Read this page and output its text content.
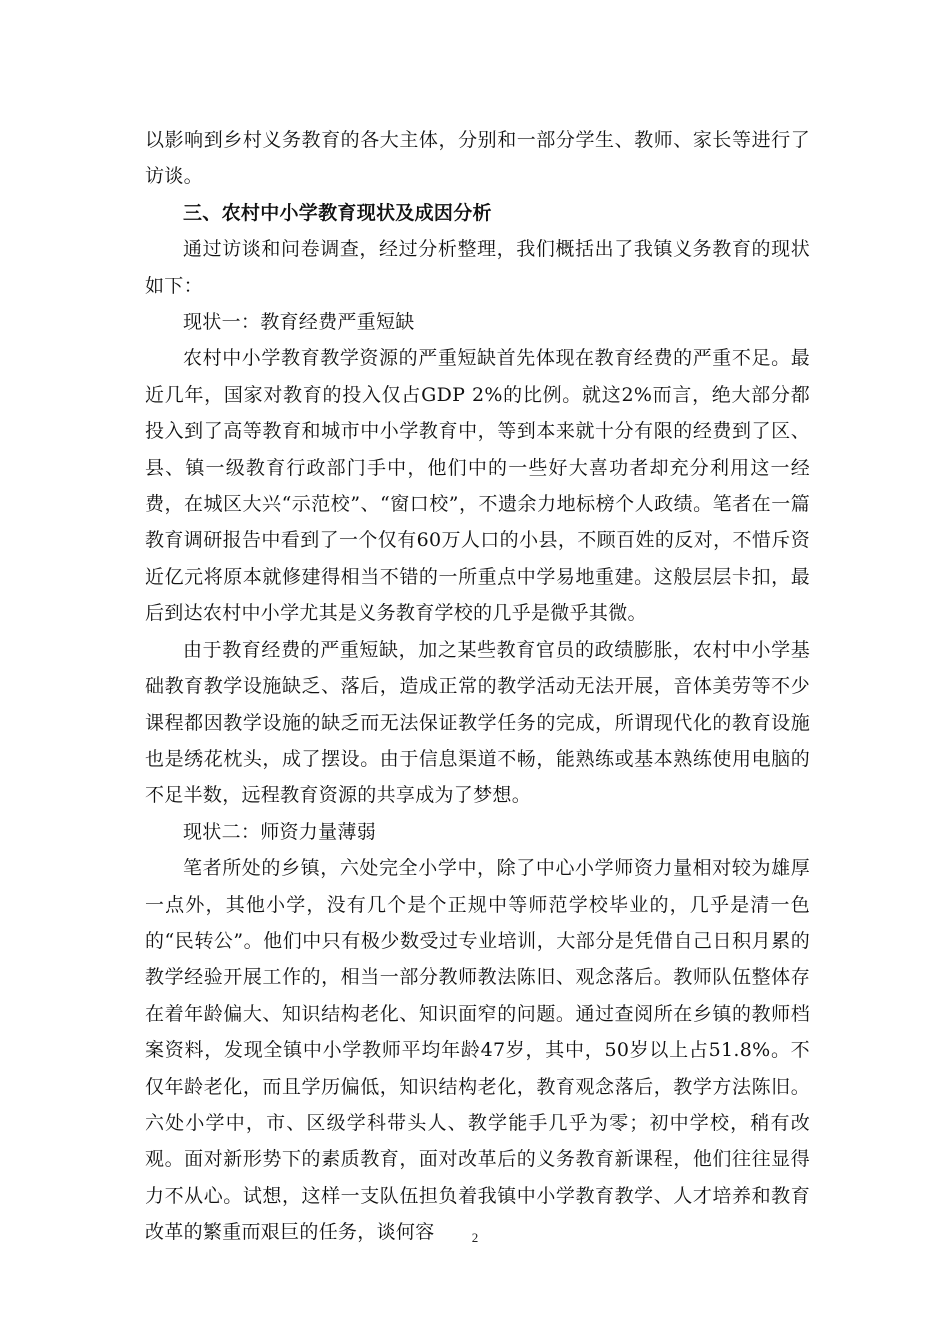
以影响到乡村义务教育的各大主体，分别和一部分学生、教师、家长等进行了访谈。

三、农村中小学教育现状及成因分析

通过访谈和问卷调查，经过分析整理，我们概括出了我镇义务教育的现状如下：

现状一：教育经费严重短缺

农村中小学教育教学资源的严重短缺首先体现在教育经费的严重不足。最近几年，国家对教育的投入仅占GDP 2%的比例。就这2%而言，绝大部分都投入到了高等教育和城市中小学教育中，等到本来就十分有限的经费到了区、县、镇一级教育行政部门手中，他们中的一些好大喜功者却充分利用这一经费，在城区大兴“示范校”、“窗口校”，不遗余力地标榜个人政绩。笔者在一篇教育调研报告中看到了一个仅有60万人口的小县，不顾百姓的反对，不惜斥资近亿元将原本就修建得相当不错的一所重点中学易地重建。这般层层卡扣，最后到达农村中小学尤其是义务教育学校的几乎是微乎其微。

由于教育经费的严重短缺，加之某些教育官员的政绩膨胀，农村中小学基础教育教学设施缺乏、落后，造成正常的教学活动无法开展，音体美劳等不少课程都因教学设施的缺乏而无法保证教学任务的完成，所谓现代化的教育设施也是绣花枕头，成了摆设。由于信息渠道不畅，能熟练或基本熟练使用电脑的不足半数，远程教育资源的共享成为了梦想。

现状二：师资力量薄弱

笔者所处的乡镇，六处完全小学中，除了中心小学师资力量相对较为雄厚一点外，其他小学，没有几个是个正规中等师范学校毕业的，几乎是清一色的“民转公”。他们中只有极少数受过专业培训，大部分是凭借自己日积月累的教学经验开展工作的，相当一部分教师教法陈旧、观念落后。教师队伍整体存在着年龄偏大、知识结构老化、知识面窄的问题。通过查阅所在乡镇的教师档案资料，发现全镇中小学教师平均年龄47岁，其中，50岁以上占51.8%。不仅年龄老化，而且学历偏低，知识结构老化，教育观念落后，教学方法陈旧。六处小学中，市、区级学科带头人、教学能手几乎为零；初中学校，稍有改观。面对新形势下的素质教育，面对改革后的义务教育新课程，他们往往显得力不从心。试想，这样一支队伍担负着我镇中小学教育教学、人才培养和教育改革的繁重而艰巨的任务，谈何容	2
